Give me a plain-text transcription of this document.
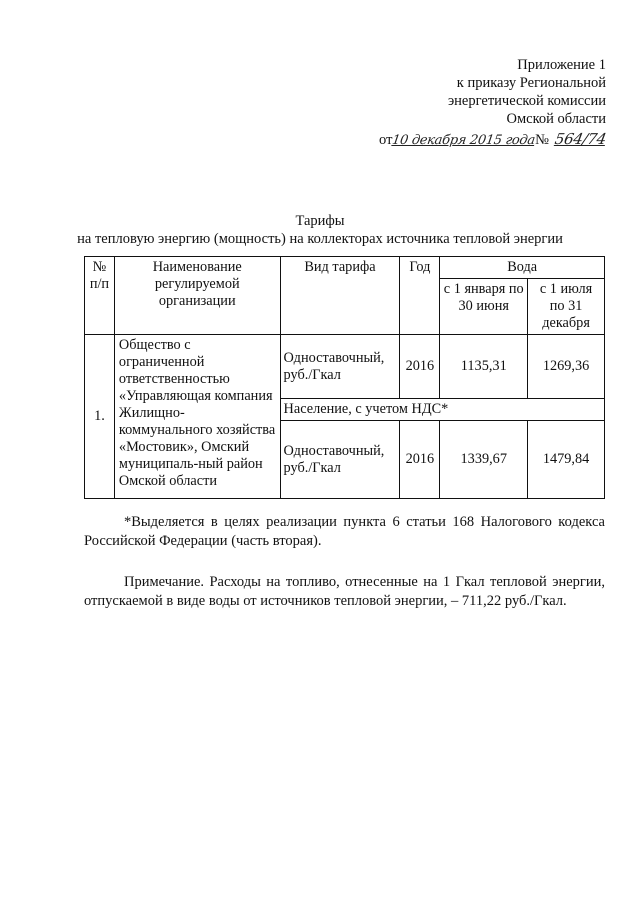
Приложение 1
к приказу Региональной
энергетической комиссии
Омской области
от10 декабря 2015 года№ 564/74
Тарифы
на тепловую энергию (мощность) на коллекторах источника тепловой энергии
№ п/п	Наименование регулируемой организации	Вид тарифа	Год	Вода	
				с 1 января по 30 июня	с 1 июля по 31 декабря
1.	Общество с ограниченной ответственностью «Управляющая компания Жилищно-коммунального хозяйства «Мостовик», Омский муниципаль-ный район Омской области	Одноставочный, руб./Гкал	2016	1135,31	1269,36
		Население, с учетом НДС*			
		Одноставочный, руб./Гкал	2016	1339,67	1479,84

*Выделяется в целях реализации пункта 6 статьи 168 Налогового кодекса Российской Федерации (часть вторая).

Примечание. Расходы на топливо, отнесенные на 1 Гкал тепловой энергии, отпускаемой в виде воды от источников тепловой энергии, – 711,22 руб./Гкал.
